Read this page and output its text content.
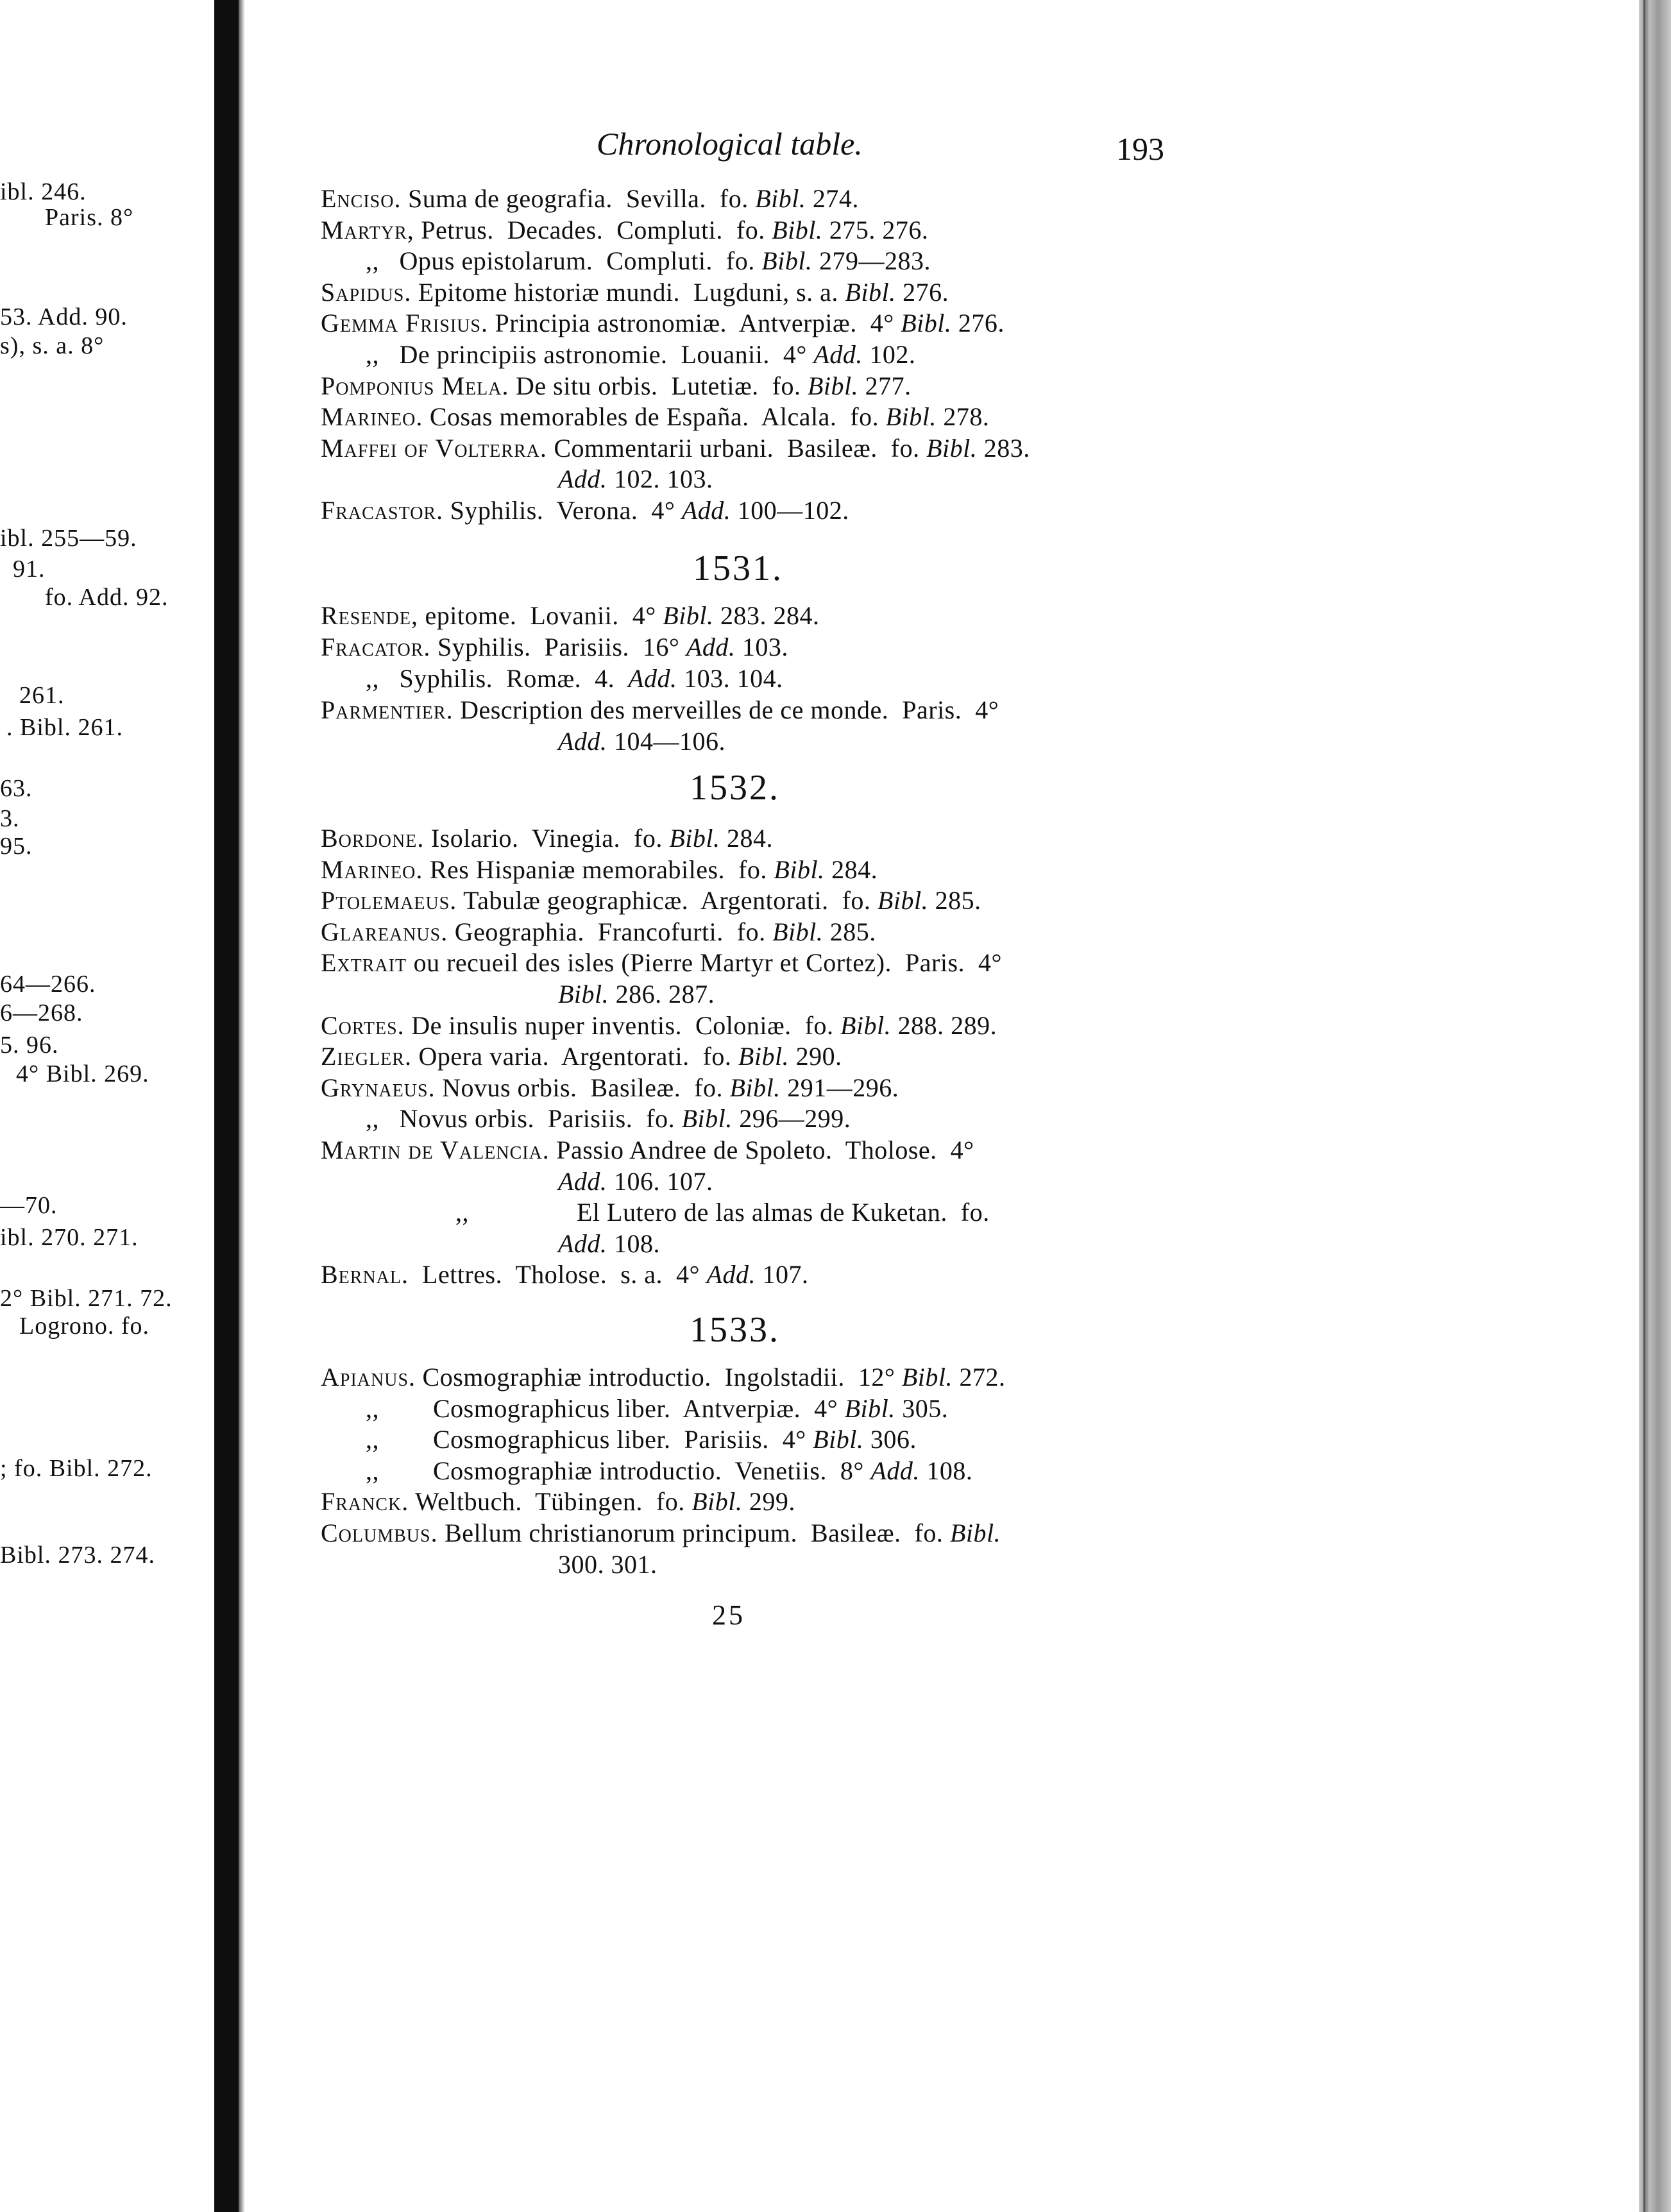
ibl. 246.
Paris. 8°
53. Add. 90.
s), s. a. 8°
ibl. 255—59.
91.
fo. Add. 92.
261.
. Bibl. 261.
63.
3.
95.
64—266.
6—268.
5. 96.
4° Bibl. 269.
—70.
ibl. 270. 271.
2° Bibl. 271. 72.
Logrono. fo.
; fo. Bibl. 272.
Bibl. 273. 274.
Chronological table.	193
Enciso. Suma de geografia.  Sevilla.  fo. Bibl. 274.
Martyr, Petrus.  Decades.  Compluti.  fo. Bibl. 275. 276.
,,   Opus epistolarum.  Compluti.  fo. Bibl. 279—283.
Sapidus. Epitome historiæ mundi.  Lugduni, s. a. Bibl. 276.
Gemma Frisius. Principia astronomiæ.  Antverpiæ.  4° Bibl. 276.
,,   De principiis astronomie.  Louanii.  4° Add. 102.
Pomponius Mela. De situ orbis.  Lutetiæ.  fo. Bibl. 277.
Marineo. Cosas memorables de España.  Alcala.  fo. Bibl. 278.
Maffei of Volterra. Commentarii urbani.  Basileæ.  fo. Bibl. 283.
Add. 102. 103.
Fracastor. Syphilis.  Verona.  4° Add. 100—102.
Resende, epitome.  Lovanii.  4° Bibl. 283. 284.
Fracator. Syphilis.  Parisiis.  16° Add. 103.
,,   Syphilis.  Romæ.  4.  Add. 103. 104.
Parmentier. Description des merveilles de ce monde.  Paris.  4°
Add. 104—106.
Bordone. Isolario.  Vinegia.  fo. Bibl. 284.
Marineo. Res Hispaniæ memorabiles.  fo. Bibl. 284.
Ptolemaeus. Tabulæ geographicæ.  Argentorati.  fo. Bibl. 285.
Glareanus. Geographia.  Francofurti.  fo. Bibl. 285.
Extrait ou recueil des isles (Pierre Martyr et Cortez).  Paris.  4°
Bibl. 286. 287.
Cortes. De insulis nuper inventis.  Coloniæ.  fo. Bibl. 288. 289.
Ziegler. Opera varia.  Argentorati.  fo. Bibl. 290.
Grynaeus. Novus orbis.  Basileæ.  fo. Bibl. 291—296.
,,   Novus orbis.  Parisiis.  fo. Bibl. 296—299.
Martin de Valencia. Passio Andree de Spoleto.  Tholose.  4°
Add. 106. 107.
,,                El Lutero de las almas de Kuketan.  fo.
Add. 108.
Bernal.  Lettres.  Tholose.  s. a.  4° Add. 107.
Apianus. Cosmographiæ introductio.  Ingolstadii.  12° Bibl. 272.
,,        Cosmographicus liber.  Antverpiæ.  4° Bibl. 305.
,,        Cosmographicus liber.  Parisiis.  4° Bibl. 306.
,,        Cosmographiæ introductio.  Venetiis.  8° Add. 108.
Franck. Weltbuch.  Tübingen.  fo. Bibl. 299.
Columbus. Bellum christianorum principum.  Basileæ.  fo. Bibl.
300. 301.
1531.
1532.
1533.
25
